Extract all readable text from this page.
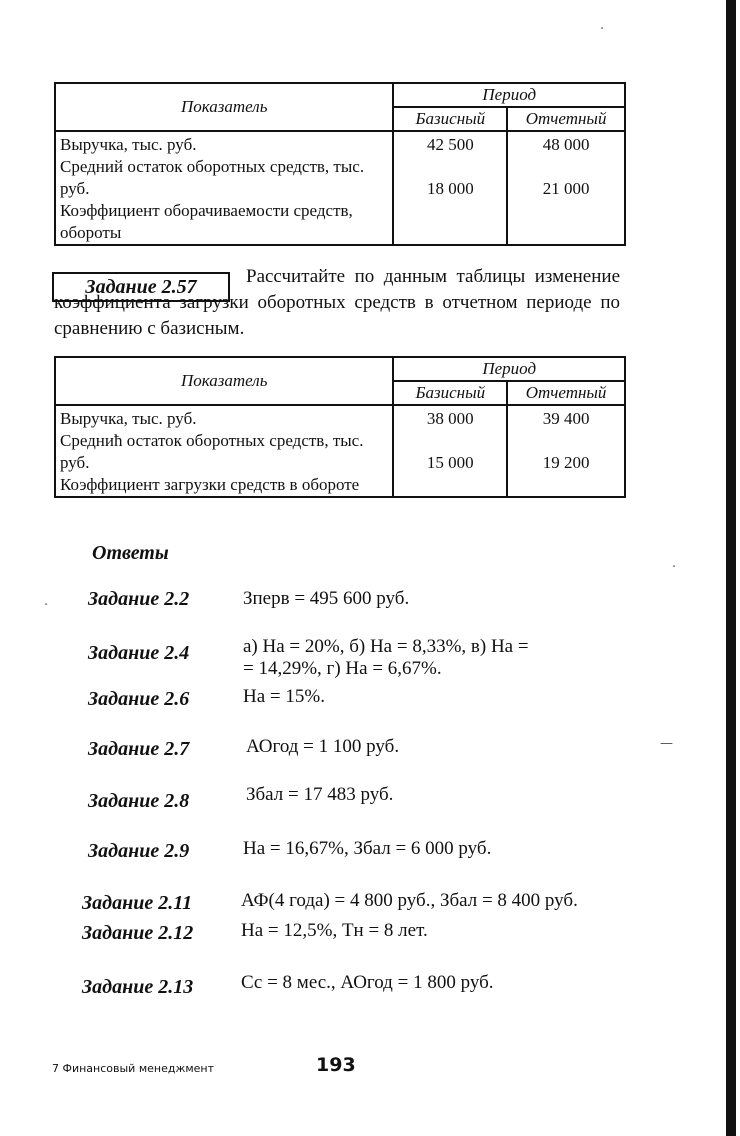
Показатель	Период	
	Базисный	Отчетный
Выручка, тыс. руб.	42 500	48 000
Средний остаток оборотных средств, тыс. руб.	18 000	21 000
Коэффициент оборачиваемости средств, обороты		
Задание 2.57	Рассчитайте по данным таблицы изменение коэффициента загрузки оборотных средств в отчетном периоде по сравнению с базисным.
Показатель	Период	
	Базисный	Отчетный
Выручка, тыс. руб.	38 000	39 400
Среднић остаток оборотных средств, тыс. руб.	15 000	19 200
Коэффициент загрузки средств в обороте		
Ответы
Задание 2.2	Зперв = 495 600 руб.
Задание 2.4	а) На = 20%, б) На = 8,33%, в) На =
= 14,29%, г) На = 6,67%.
Задание 2.6	На = 15%.
Задание 2.7	АОгод = 1 100 руб.
Задание 2.8	Збал = 17 483 руб.
Задание 2.9	На = 16,67%, Збал = 6 000 руб.
Задание 2.11	АФ(4 года) = 4 800 руб., Збал = 8 400 руб.
Задание 2.12	На = 12,5%, Тн = 8 лет.
Задание 2.13	Сс = 8 мес., АОгод = 1 800 руб.
7 Финансовый менеджмент	193
·
·
·
—
